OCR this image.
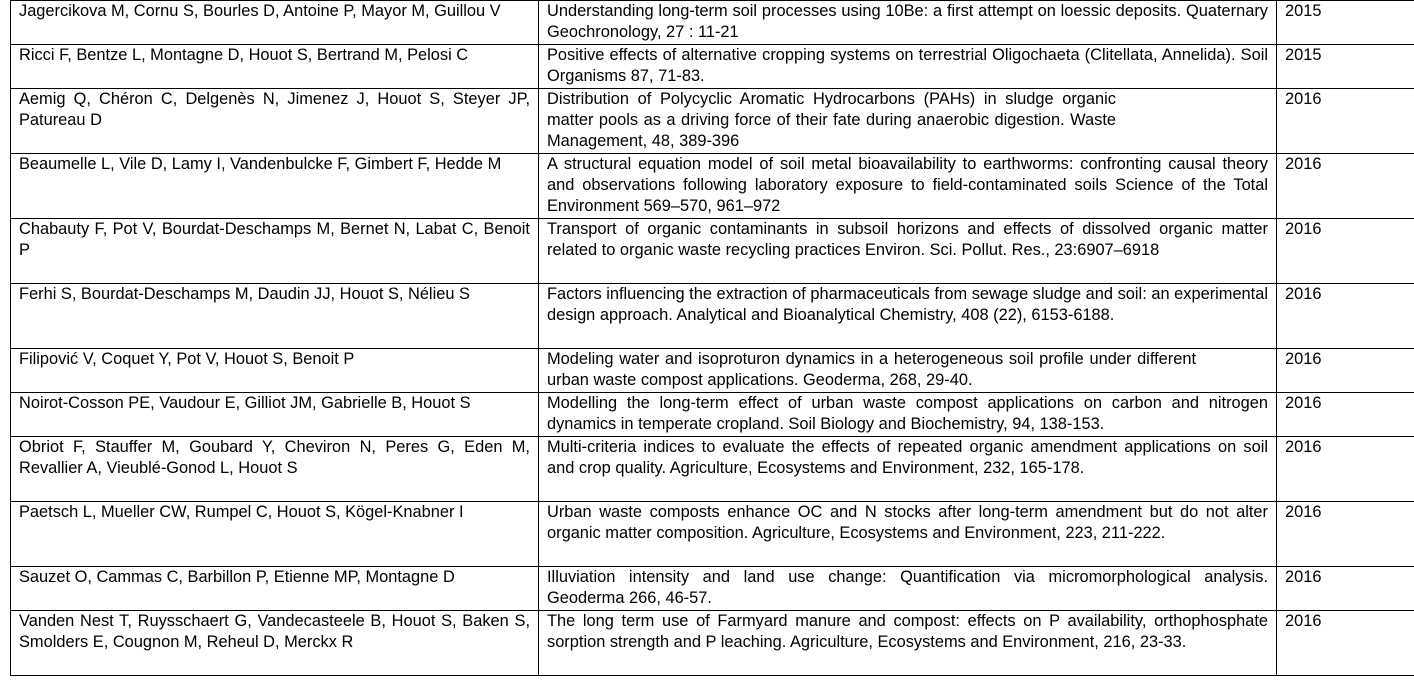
Jagercikova M, Cornu S, Bourles D, Antoine P, Mayor M, Guillou V	Understanding long-term soil processes using 10Be: a first attempt on loessic deposits. Quaternary Geochronology, 27 : 11-21	2015
Ricci F, Bentze L, Montagne D, Houot S, Bertrand M, Pelosi C	Positive effects of alternative cropping systems on terrestrial Oligochaeta (Clitellata, Annelida). Soil Organisms 87, 71-83.	2015
Aemig Q, Chéron C, Delgenès N, Jimenez J, Houot S, Steyer JP, Patureau D	Distribution of Polycyclic Aromatic Hydrocarbons (PAHs) in sludge organic matter pools as a driving force of their fate during anaerobic digestion. Waste Management, 48, 389-396	2016
Beaumelle L, Vile D, Lamy I, Vandenbulcke F, Gimbert F, Hedde M	A structural equation model of soil metal bioavailability to earthworms: confronting causal theory and observations following laboratory exposure to field-contaminated soils Science of the Total Environment 569–570, 961–972	2016
Chabauty F, Pot V, Bourdat-Deschamps M, Bernet N, Labat C, Benoit P	Transport of organic contaminants in subsoil horizons and effects of dissolved organic matter related to organic waste recycling practices Environ. Sci. Pollut. Res., 23:6907–6918	2016
Ferhi S, Bourdat-Deschamps M, Daudin JJ, Houot S, Nélieu S	Factors influencing the extraction of pharmaceuticals from sewage sludge and soil: an experimental design approach. Analytical and Bioanalytical Chemistry, 408 (22), 6153-6188.	2016
Filipović V, Coquet Y, Pot V, Houot S, Benoit P	Modeling water and isoproturon dynamics in a heterogeneous soil profile under different urban waste compost applications. Geoderma, 268, 29-40.	2016
Noirot-Cosson PE, Vaudour E, Gilliot JM, Gabrielle B, Houot S	Modelling the long-term effect of urban waste compost applications on carbon and nitrogen dynamics in temperate cropland. Soil Biology and Biochemistry, 94, 138-153.	2016
Obriot F, Stauffer M, Goubard Y, Cheviron N, Peres G, Eden M, Revallier A, Vieublé-Gonod L, Houot S	Multi-criteria indices to evaluate the effects of repeated organic amendment applications on soil and crop quality. Agriculture, Ecosystems and Environment, 232, 165-178.	2016
Paetsch L, Mueller CW, Rumpel C, Houot S, Kögel-Knabner I	Urban waste composts enhance OC and N stocks after long-term amendment but do not alter organic matter composition. Agriculture, Ecosystems and Environment, 223, 211-222.	2016
Sauzet O, Cammas C, Barbillon P, Etienne MP, Montagne D	Illuviation intensity and land use change: Quantification via micromorphological analysis. Geoderma 266, 46-57.	2016
Vanden Nest T, Ruysschaert G, Vandecasteele B, Houot S, Baken S, Smolders E, Cougnon M, Reheul D, Merckx R	The long term use of Farmyard manure and compost: effects on P availability, orthophosphate sorption strength and P leaching. Agriculture, Ecosystems and Environment, 216, 23-33.	2016
